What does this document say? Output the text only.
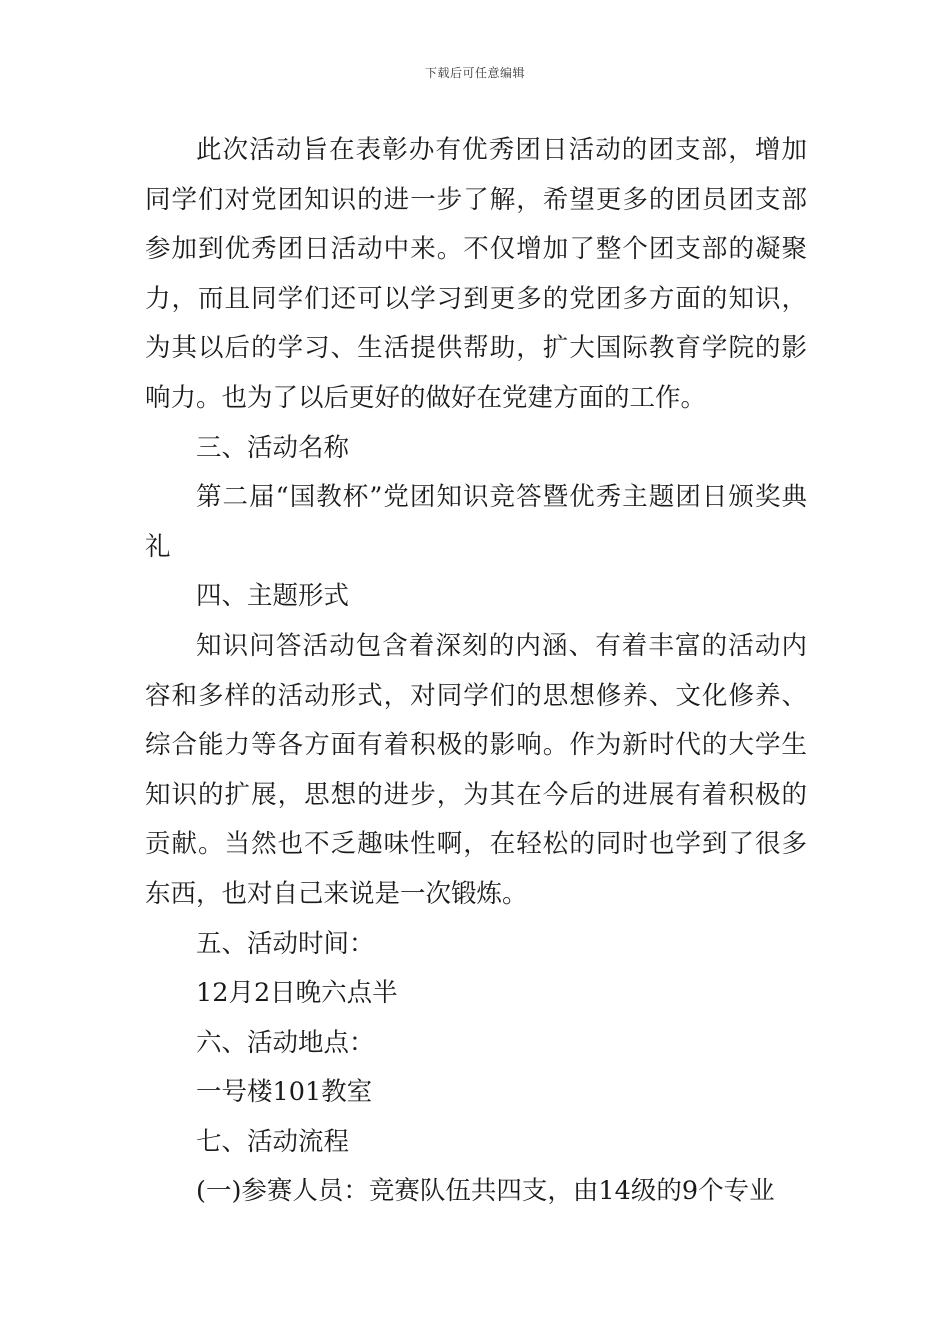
下载后可任意编辑

此次活动旨在表彰办有优秀团日活动的团支部，增加同学们对党团知识的进一步了解，希望更多的团员团支部参加到优秀团日活动中来。不仅增加了整个团支部的凝聚力，而且同学们还可以学习到更多的党团多方面的知识，为其以后的学习、生活提供帮助，扩大国际教育学院的影响力。也为了以后更好的做好在党建方面的工作。

三、活动名称

第二届“国教杯”党团知识竞答暨优秀主题团日颁奖典礼

四、主题形式

知识问答活动包含着深刻的内涵、有着丰富的活动内容和多样的活动形式，对同学们的思想修养、文化修养、综合能力等各方面有着积极的影响。作为新时代的大学生知识的扩展，思想的进步，为其在今后的进展有着积极的贡献。当然也不乏趣味性啊，在轻松的同时也学到了很多东西，也对自己来说是一次锻炼。

五、活动时间：

12月2日晚六点半

六、活动地点：

一号楼101教室

七、活动流程

(一)参赛人员：竞赛队伍共四支，由14级的9个专业
